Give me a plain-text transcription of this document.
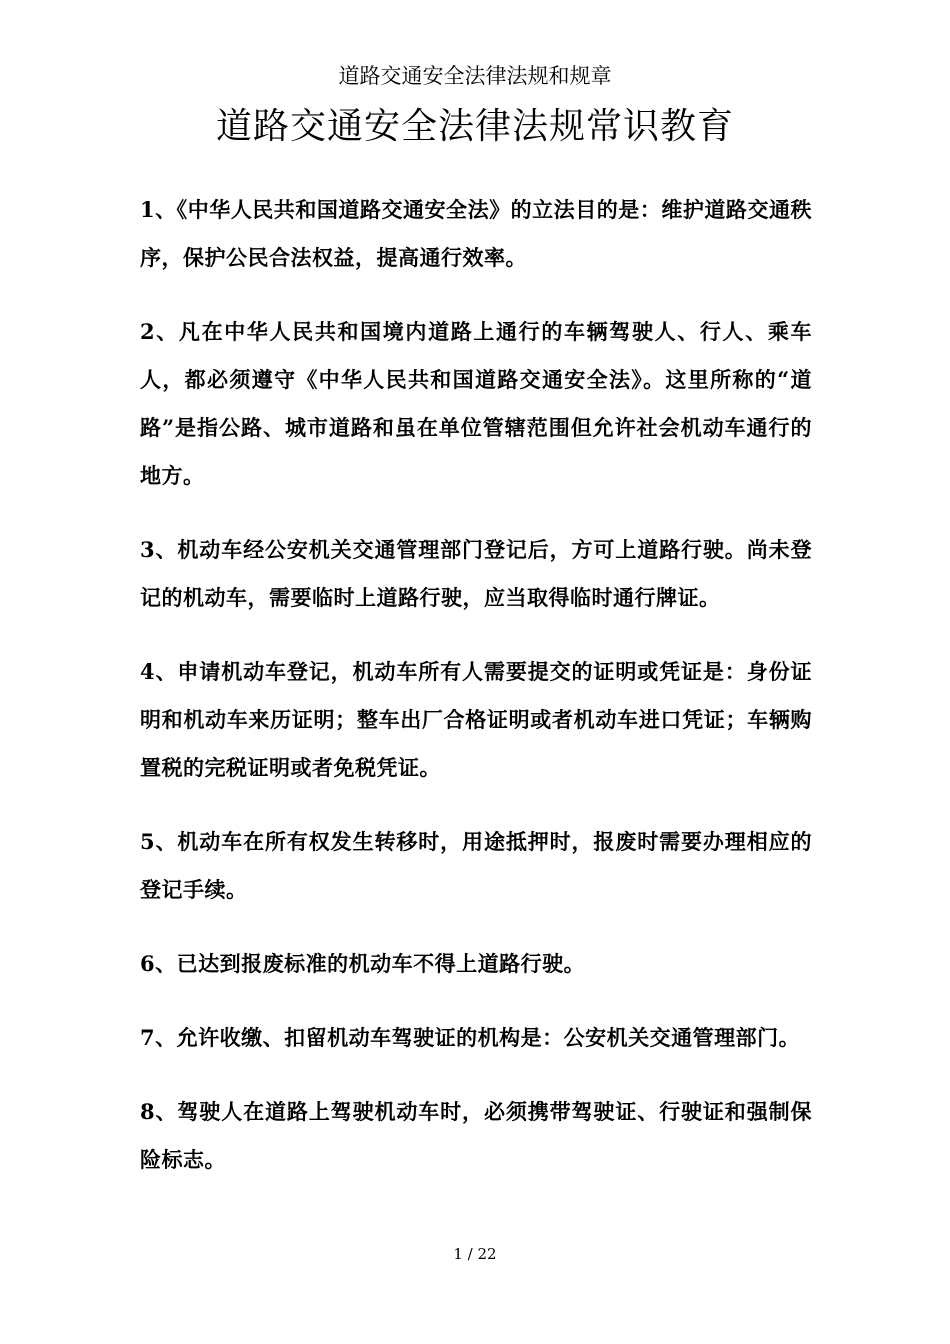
道路交通安全法律法规和规章
道路交通安全法律法规常识教育

1、《中华人民共和国道路交通安全法》的立法目的是：维护道路交通秩序，保护公民合法权益，提高通行效率。

2、凡在中华人民共和国境内道路上通行的车辆驾驶人、行人、乘车人，都必须遵守《中华人民共和国道路交通安全法》。这里所称的“道路”是指公路、城市道路和虽在单位管辖范围但允许社会机动车通行的地方。

3、机动车经公安机关交通管理部门登记后，方可上道路行驶。尚未登记的机动车，需要临时上道路行驶，应当取得临时通行牌证。

4、申请机动车登记，机动车所有人需要提交的证明或凭证是：身份证明和机动车来历证明；整车出厂合格证明或者机动车进口凭证；车辆购置税的完税证明或者免税凭证。

5、机动车在所有权发生转移时，用途抵押时，报废时需要办理相应的登记手续。

6、已达到报废标准的机动车不得上道路行驶。

7、允许收缴、扣留机动车驾驶证的机构是：公安机关交通管理部门。

8、驾驶人在道路上驾驶机动车时，必须携带驾驶证、行驶证和强制保险标志。

1 / 22
